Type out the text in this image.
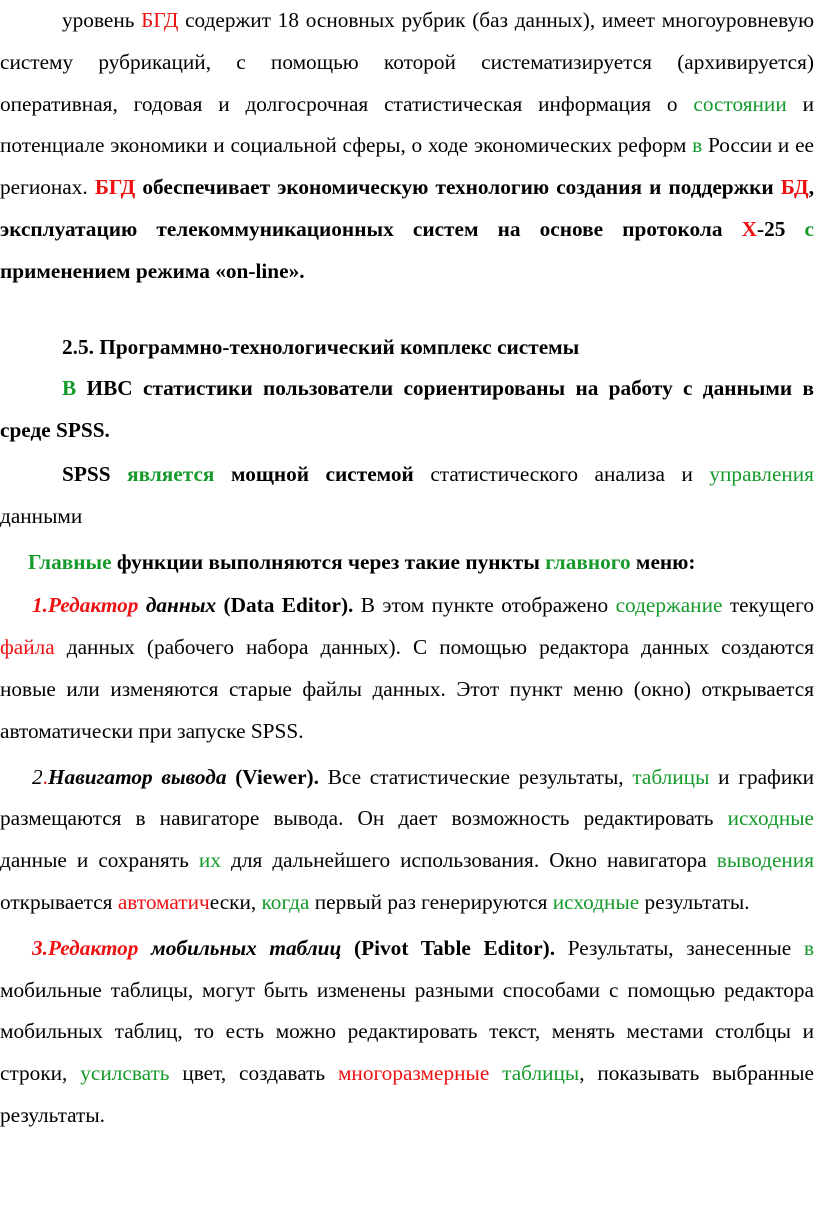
уровень БГД содержит 18 основных рубрик (баз данных), имеет многоуровневую систему рубрикаций, с помощью которой систематизируется (архивируется) оперативная, годовая и долгосрочная статистическая информация о состоянии и потенциале экономики и социальной сферы, о ходе экономических реформ в России и ее регионах. БГД обеспечивает экономическую технологию создания и поддержки БД, эксплуатацию телекоммуникационных систем на основе протокола Х-25 с применением режима «on-line».

2.5. Программно-технологический комплекс системы

В ИВС статистики пользователи сориентированы на работу с данными в среде SPSS.

SPSS является мощной системой статистического анализа и управления данными

Главные функции выполняются через такие пункты главного меню:

1.Редактор данных (Data Editor). В этом пункте отображено содержание текущего файла данных (рабочего набора данных). С помощью редактора данных создаются новые или изменяются старые файлы данных. Этот пункт меню (окно) открывается автоматически при запуске SPSS.

2.Навигатор вывода (Viewer). Все статистические результаты, таблицы и графики размещаются в навигаторе вывода. Он дает возможность редактировать исходные данные и сохранять их для дальнейшего использования. Окно навигатора выводения открывается автоматически, когда первый раз генерируются исходные результаты.

3.Редактор мобильных таблиц (Pivot Table Editor). Результаты, занесенные в мобильные таблицы, могут быть изменены разными способами с помощью редактора мобильных таблиц, то есть можно редактировать текст, менять местами столбцы и строки, усилсвать цвет, создавать многоразмерные таблицы, показывать выбранные результаты.
